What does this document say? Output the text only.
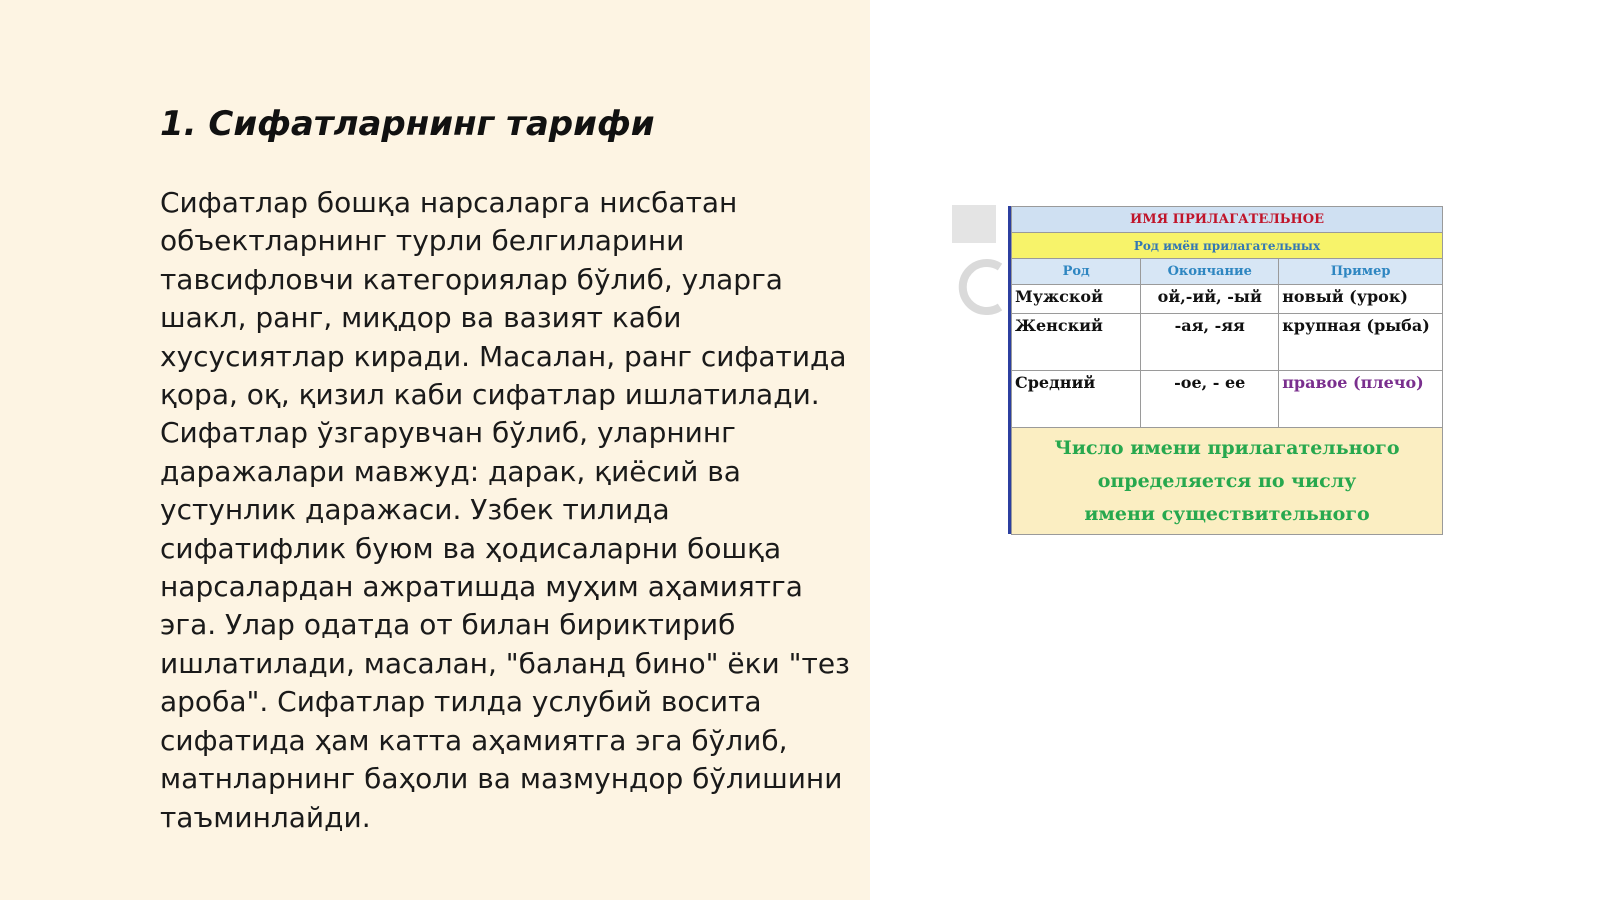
1. Сифатларнинг тарифи

Сифатлар бошқа нарсаларга нисбатан объектларнинг турли белгиларини тавсифловчи категориялар бўлиб, уларга шакл, ранг, миқдор ва вазият каби хусусиятлар киради. Масалан, ранг сифатида қора, оқ, қизил каби сифатлар ишлатилади. Сифатлар ўзгарувчан бўлиб, уларнинг даражалари мавжуд: дарак, қиёсий ва устунлик даражаси. Узбек тилида сифатифлик буюм ва ҳодисаларни бошқа нарсалардан ажратишда муҳим аҳамиятга эга. Улар одатда от билан бириктириб ишлатилади, масалан, "баланд бино" ёки "тез ароба". Сифатлар тилда услубий восита сифатида ҳам катта аҳамиятга эга бўлиб, матнларнинг баҳоли ва мазмундор бўлишини таъминлайди.

ИМЯ ПРИЛАГАТЕЛЬНОЕ		
Род имён прилагательных		
Род	Окончание	Пример
Мужской	ой,-ий, -ый	новый (урок)
Женский	-ая, -яя	крупная (рыба)
Средний	-ое, - ее	правое (плечо)

Число имени прилагательного
определяется по числу
имени существительного		
